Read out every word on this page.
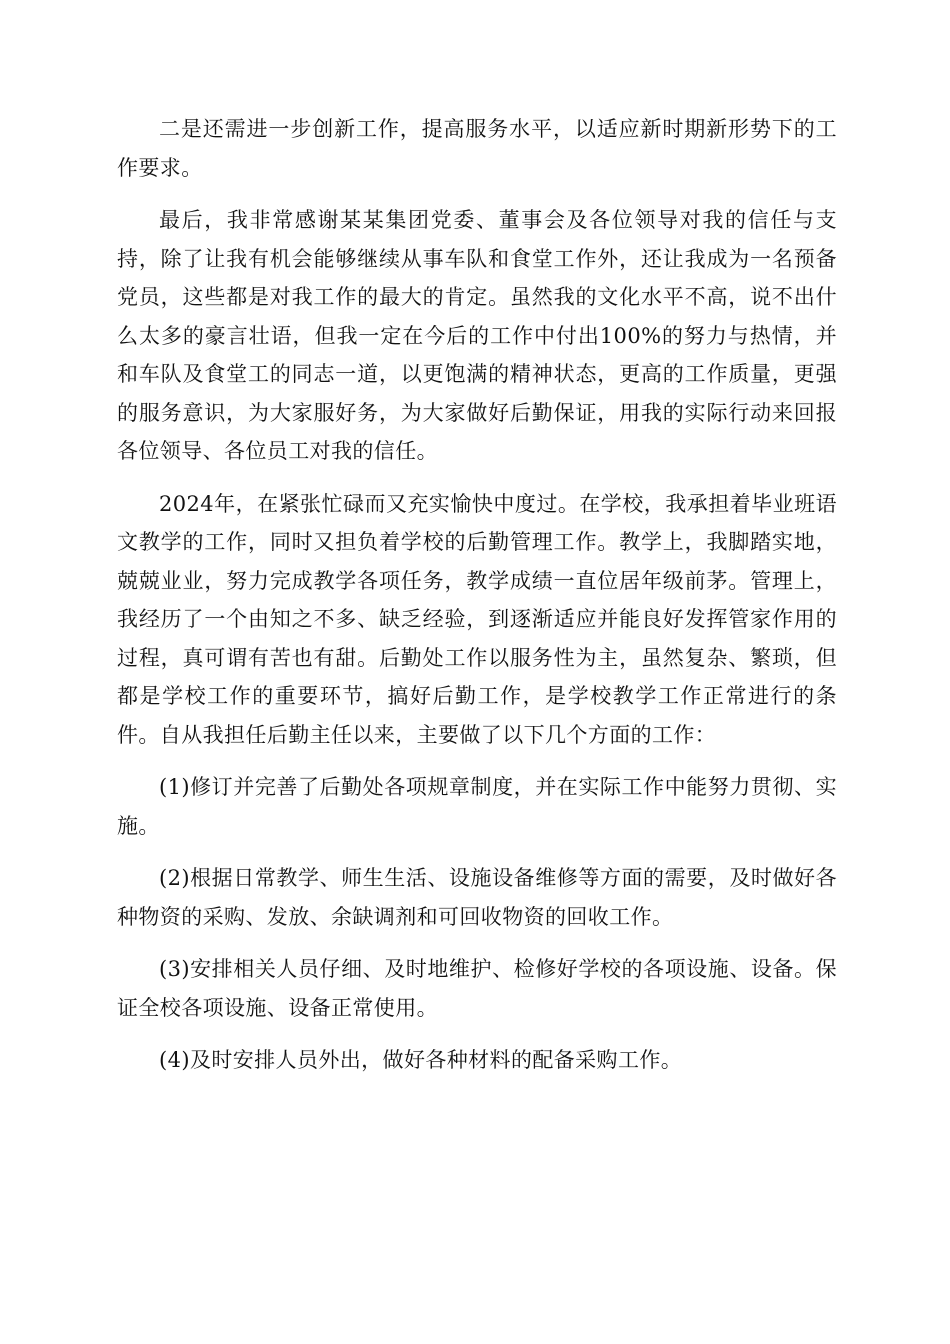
二是还需进一步创新工作，提高服务水平，以适应新时期新形势下的工作要求。

最后，我非常感谢某某集团党委、董事会及各位领导对我的信任与支持，除了让我有机会能够继续从事车队和食堂工作外，还让我成为一名预备党员，这些都是对我工作的最大的肯定。虽然我的文化水平不高，说不出什么太多的豪言壮语，但我一定在今后的工作中付出100%的努力与热情，并和车队及食堂工的同志一道，以更饱满的精神状态，更高的工作质量，更强的服务意识，为大家服好务，为大家做好后勤保证，用我的实际行动来回报各位领导、各位员工对我的信任。

2024年，在紧张忙碌而又充实愉快中度过。在学校，我承担着毕业班语文教学的工作，同时又担负着学校的后勤管理工作。教学上，我脚踏实地，兢兢业业，努力完成教学各项任务，教学成绩一直位居年级前茅。管理上，我经历了一个由知之不多、缺乏经验，到逐渐适应并能良好发挥管家作用的过程，真可谓有苦也有甜。后勤处工作以服务性为主，虽然复杂、繁琐，但都是学校工作的重要环节，搞好后勤工作，是学校教学工作正常进行的条件。自从我担任后勤主任以来，主要做了以下几个方面的工作：

(1)修订并完善了后勤处各项规章制度，并在实际工作中能努力贯彻、实施。

(2)根据日常教学、师生生活、设施设备维修等方面的需要，及时做好各种物资的采购、发放、余缺调剂和可回收物资的回收工作。

(3)安排相关人员仔细、及时地维护、检修好学校的各项设施、设备。保证全校各项设施、设备正常使用。

(4)及时安排人员外出，做好各种材料的配备采购工作。
